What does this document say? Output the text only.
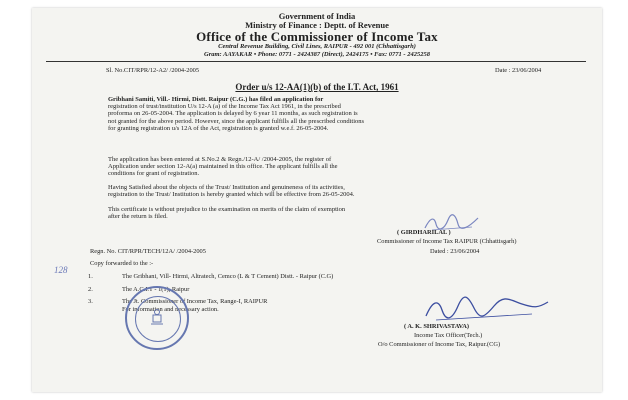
Government of India
Ministry of Finance : Deptt. of Revenue
Office of the Commissioner of Income Tax
Central Revenue Building, Civil Lines, RAIPUR - 492 001 (Chhattisgarh)
Gram: AAYAKAR • Phone: 0771 - 2424387 (Direct), 2424175 • Fax: 0771 - 2425258
Sl. No.CIT/RPR/12-A2/ /2004-2005	Date : 23/06/2004
Order u/s 12-AA(1)(b) of the I.T. Act, 1961
Gribhani Samiti, Vill.- Hirmi, Distt. Raipur (C.G.) has filed an application for
registration of trust/institution U/s 12-A (a) of the Income Tax Act 1961, in the prescribed
proforma on 26-05-2004. The application is delayed by 6 year 11 months, as such registration is
not granted for the above period. However, since the applicant fulfills all the prescribed conditions
for granting registration u/s 12A of the Act, registration is granted w.e.f. 26-05-2004.
The application has been entered at S.No.2 & Regn./12-A/ /2004-2005, the register of
Application under section 12-A(a) maintained in this office. The applicant fulfills all the
conditions for grant of registration.
Having Satisfied about the objects of the Trust/ Institution and genuineness of its activities,
registration to the Trust/ Institution is hereby granted which will be effective from 26-05-2004.
This certificate is without prejudice to the examination on merits of the claim of exemption
after the return is filed.
( GIRDHARILAL )
Commissioner of Income Tax RAIPUR (Chhattisgarh)
Regn. No. CIT/RPR/TECH/12A/ /2004-2005	Dated : 23/06/2004
Copy forwarded to the :-
128
1.	The Gribhani, Vill- Hirmi, Altratech, Cemco (L & T Cement) Distt. - Raipur (C.G)
2.	The A.C.I.T - 1(1), Raipur
3.	The Jt. Commissioner of Income Tax, Range-I, RAIPUR
For information and necessary action.
( A. K. SHRIVASTAVA)
Income Tax Officer(Tech.)
O/o Commissioner of Income Tax, Raipur.(CG)
